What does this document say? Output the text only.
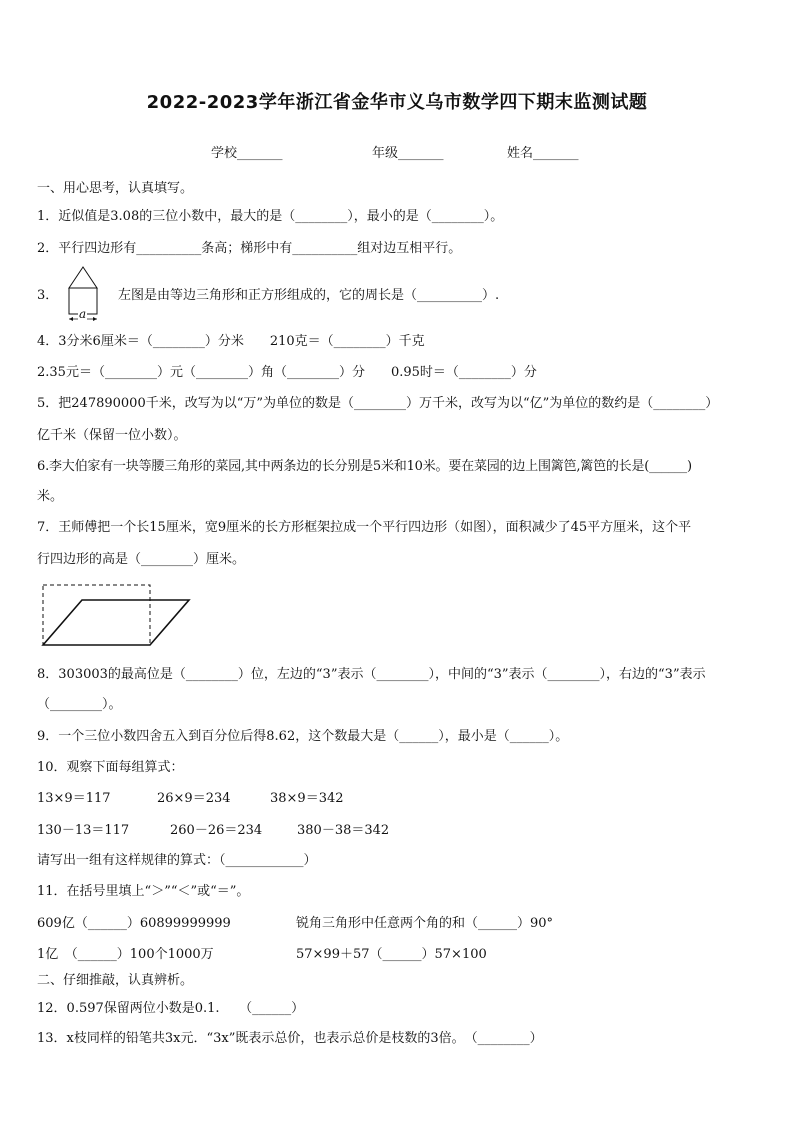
2022-2023学年浙江省金华市义乌市数学四下期末监测试题
学校_______	年级_______	姓名_______
一、用心思考，认真填写。
1．近似值是3.08的三位小数中，最大的是（________），最小的是（________）。
2．平行四边形有__________条高；梯形中有__________组对边互相平行。
3．
a
左图是由等边三角形和正方形组成的，它的周长是（__________）.
4．3分米6厘米＝（________）分米　　210克＝（________）千克
2.35元＝（________）元（________）角（________）分　　0.95时＝（________）分
5．把247890000千米，改写为以“万”为单位的数是（________）万千米，改写为以“亿”为单位的数约是（________）
亿千米（保留一位小数）。
6.李大伯家有一块等腰三角形的菜园,其中两条边的长分别是5米和10米。要在菜园的边上围篱笆,篱笆的长是(______)
米。
7．王师傅把一个长15厘米，宽9厘米的长方形框架拉成一个平行四边形（如图），面积减少了45平方厘米，这个平
行四边形的高是（________）厘米。
8．303003的最高位是（________）位，左边的“3”表示（________），中间的“3”表示（________），右边的“3”表示
（________）。
9．一个三位小数四舍五入到百分位后得8.62，这个数最大是（______），最小是（______）。
10．观察下面每组算式：
13×9＝117	26×9＝234	38×9＝342
130－13＝117	260－26＝234	380－38＝342
请写出一组有这样规律的算式：（____________）
11．在括号里填上“＞”“＜”或“＝”。
609亿（______）60899999999	锐角三角形中任意两个角的和（______）90°
1亿　（______）100个1000万	57×99＋57（______）57×100
二、仔细推敲，认真辨析。
12．0.597保留两位小数是0.1.　　（______）
13．x枝同样的铅笔共3x元．“3x”既表示总价，也表示总价是枝数的3倍。　（________）
